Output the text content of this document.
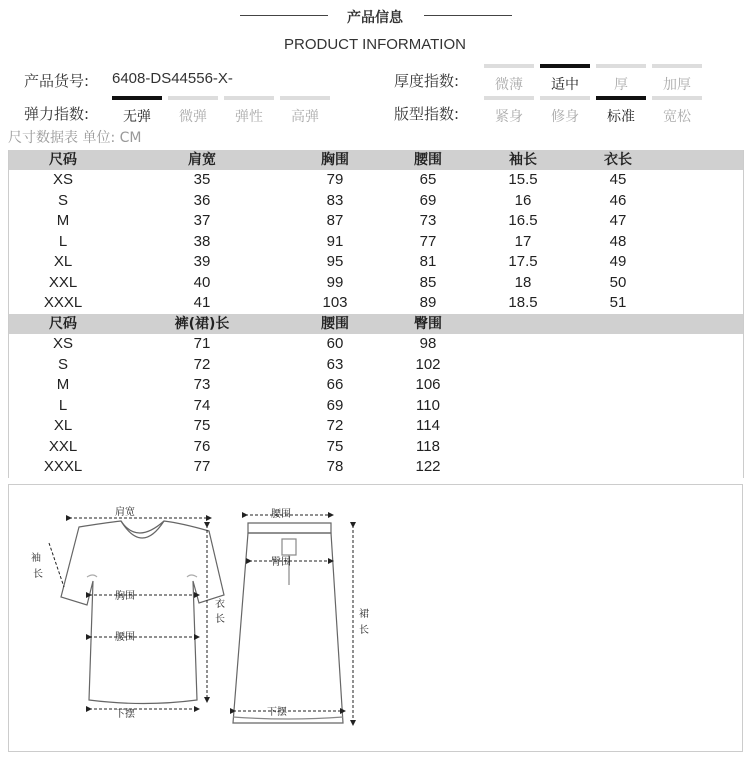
产品信息
PRODUCT INFORMATION
产品货号: 6408-DS44556-X-
弹力指数:	无弹	微弹	弹性	高弹
厚度指数:	微薄	适中	厚	加厚
版型指数:	紧身	修身	标准	宽松
尺寸数据表 单位: CM
尺码	肩宽	胸围	腰围	袖长	衣长
XS	35	79	65	15.5	45
S	36	83	69	16	46
M	37	87	73	16.5	47
L	38	91	77	17	48
XL	39	95	81	17.5	49
XXL	40	99	85	18	50
XXXL	41	103	89	18.5	51
尺码	裤(裙)长	腰围	臀围
XS	71	60	98
S	72	63	102
M	73	66	106
L	74	69	110
XL	75	72	114
XXL	76	75	118
XXXL	77	78	122
肩宽
袖
长
胸围
腰围
下摆
衣
长
腰围
臀围
下摆
裙
长
